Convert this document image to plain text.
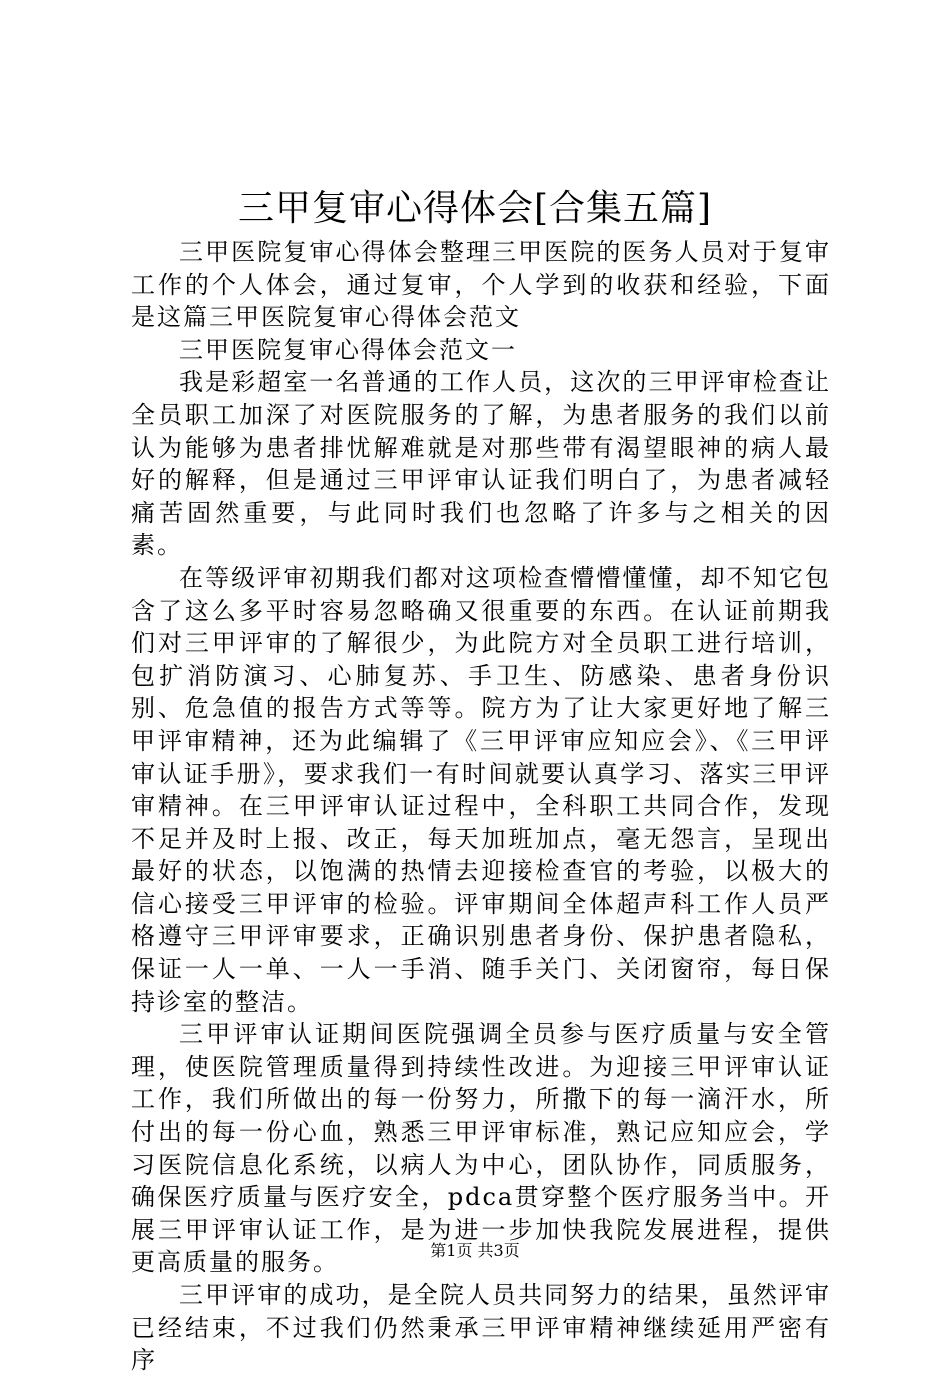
三甲复审心得体会[合集五篇]

三甲医院复审心得体会整理三甲医院的医务人员对于复审工作的个人体会，通过复审，个人学到的收获和经验，下面是这篇三甲医院复审心得体会范文

三甲医院复审心得体会范文一

我是彩超室一名普通的工作人员，这次的三甲评审检查让全员职工加深了对医院服务的了解，为患者服务的我们以前认为能够为患者排忧解难就是对那些带有渴望眼神的病人最好的解释，但是通过三甲评审认证我们明白了，为患者减轻痛苦固然重要，与此同时我们也忽略了许多与之相关的因素。

在等级评审初期我们都对这项检查懵懵懂懂，却不知它包含了这么多平时容易忽略确又很重要的东西。在认证前期我们对三甲评审的了解很少，为此院方对全员职工进行培训，包扩消防演习、心肺复苏、手卫生、防感染、患者身份识别、危急值的报告方式等等。院方为了让大家更好地了解三甲评审精神，还为此编辑了《三甲评审应知应会》、《三甲评审认证手册》，要求我们一有时间就要认真学习、落实三甲评审精神。在三甲评审认证过程中，全科职工共同合作，发现不足并及时上报、改正，每天加班加点，毫无怨言，呈现出最好的状态，以饱满的热情去迎接检查官的考验，以极大的信心接受三甲评审的检验。评审期间全体超声科工作人员严格遵守三甲评审要求，正确识别患者身份、保护患者隐私，保证一人一单、一人一手消、随手关门、关闭窗帘，每日保持诊室的整洁。

三甲评审认证期间医院强调全员参与医疗质量与安全管理，使医院管理质量得到持续性改进。为迎接三甲评审认证工作，我们所做出的每一份努力，所撒下的每一滴汗水，所付出的每一份心血，熟悉三甲评审标准，熟记应知应会，学习医院信息化系统，以病人为中心，团队协作，同质服务，确保医疗质量与医疗安全，pdca贯穿整个医疗服务当中。开展三甲评审认证工作，是为进一步加快我院发展进程，提供更高质量的服务。

三甲评审的成功，是全院人员共同努力的结果，虽然评审已经结束，不过我们仍然秉承三甲评审精神继续延用严密有序

第1页 共3页
